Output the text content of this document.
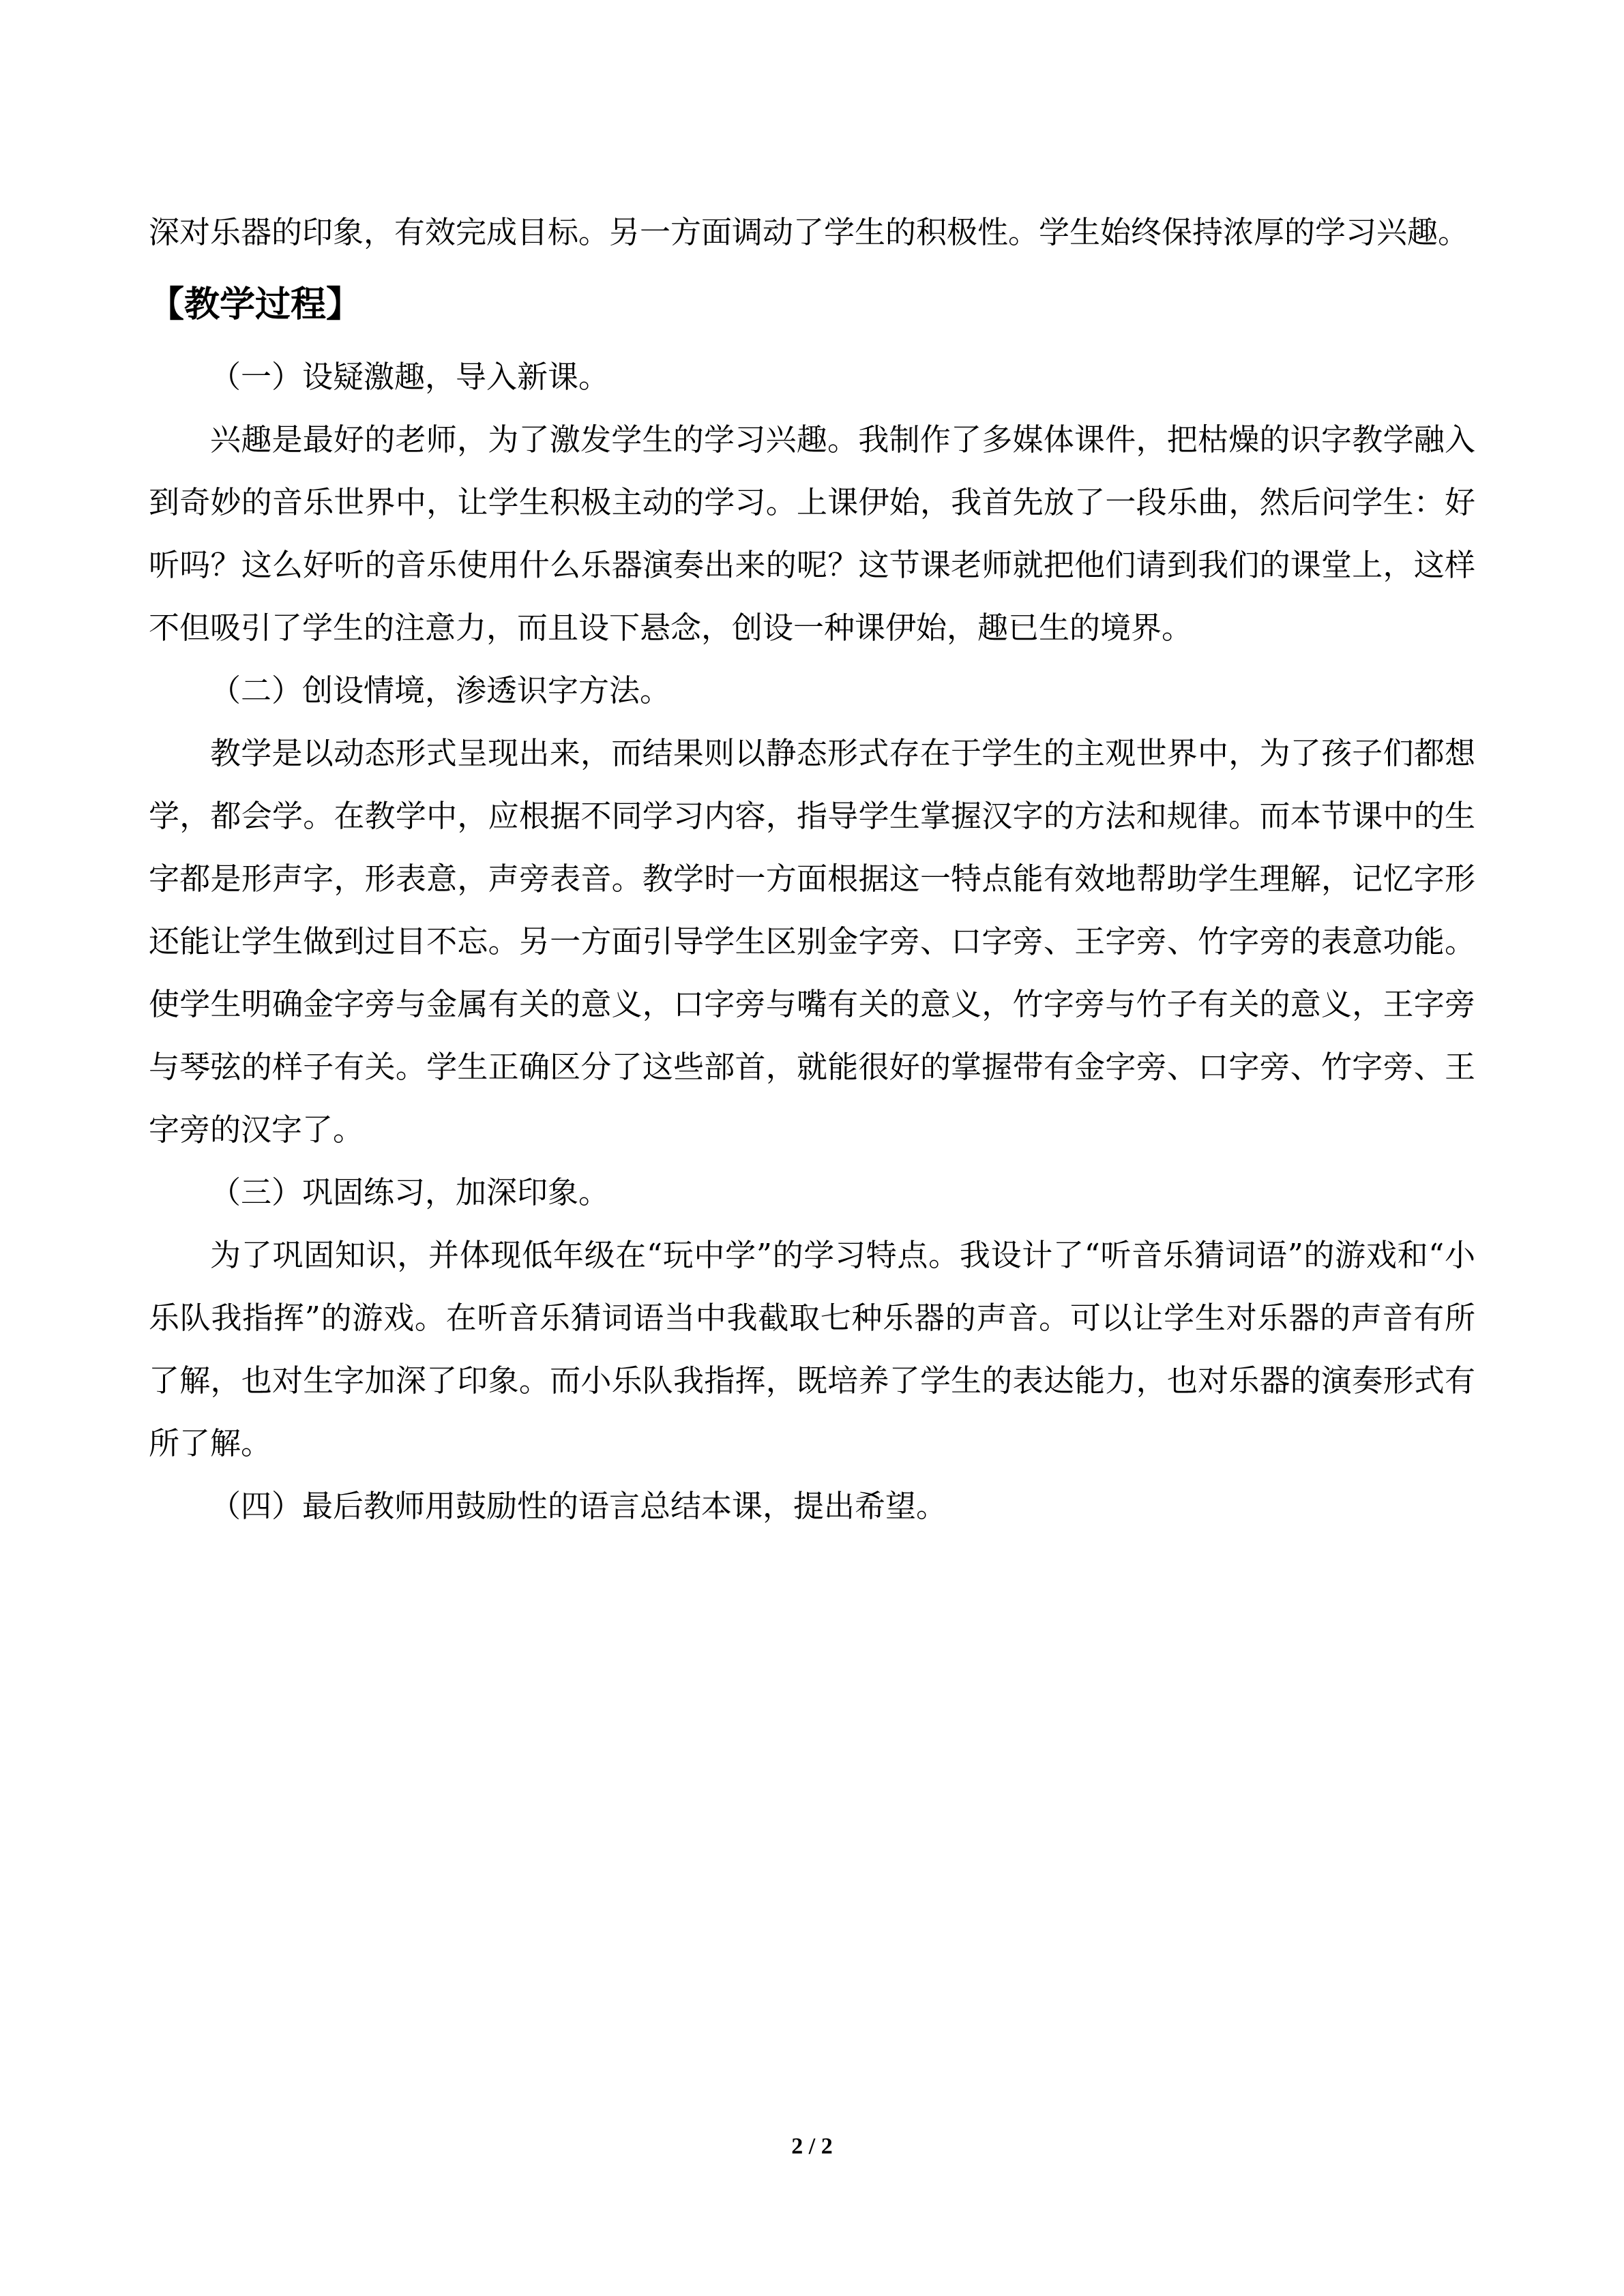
深对乐器的印象，有效完成目标。另一方面调动了学生的积极性。学生始终保持浓厚的学习兴趣。

【教学过程】

（一）设疑激趣，导入新课。

兴趣是最好的老师，为了激发学生的学习兴趣。我制作了多媒体课件，把枯燥的识字教学融入到奇妙的音乐世界中，让学生积极主动的学习。上课伊始，我首先放了一段乐曲，然后问学生：好听吗？这么好听的音乐使用什么乐器演奏出来的呢？这节课老师就把他们请到我们的课堂上，这样不但吸引了学生的注意力，而且设下悬念，创设一种课伊始，趣已生的境界。

（二）创设情境，渗透识字方法。

教学是以动态形式呈现出来，而结果则以静态形式存在于学生的主观世界中，为了孩子们都想学，都会学。在教学中，应根据不同学习内容，指导学生掌握汉字的方法和规律。而本节课中的生字都是形声字，形表意，声旁表音。教学时一方面根据这一特点能有效地帮助学生理解，记忆字形还能让学生做到过目不忘。另一方面引导学生区别金字旁、口字旁、王字旁、竹字旁的表意功能。使学生明确金字旁与金属有关的意义，口字旁与嘴有关的意义，竹字旁与竹子有关的意义，王字旁与琴弦的样子有关。学生正确区分了这些部首，就能很好的掌握带有金字旁、口字旁、竹字旁、王字旁的汉字了。

（三）巩固练习，加深印象。

为了巩固知识，并体现低年级在“玩中学”的学习特点。我设计了“听音乐猜词语”的游戏和“小乐队我指挥”的游戏。在听音乐猜词语当中我截取七种乐器的声音。可以让学生对乐器的声音有所了解，也对生字加深了印象。而小乐队我指挥，既培养了学生的表达能力，也对乐器的演奏形式有所了解。

（四）最后教师用鼓励性的语言总结本课，提出希望。

2 / 2
